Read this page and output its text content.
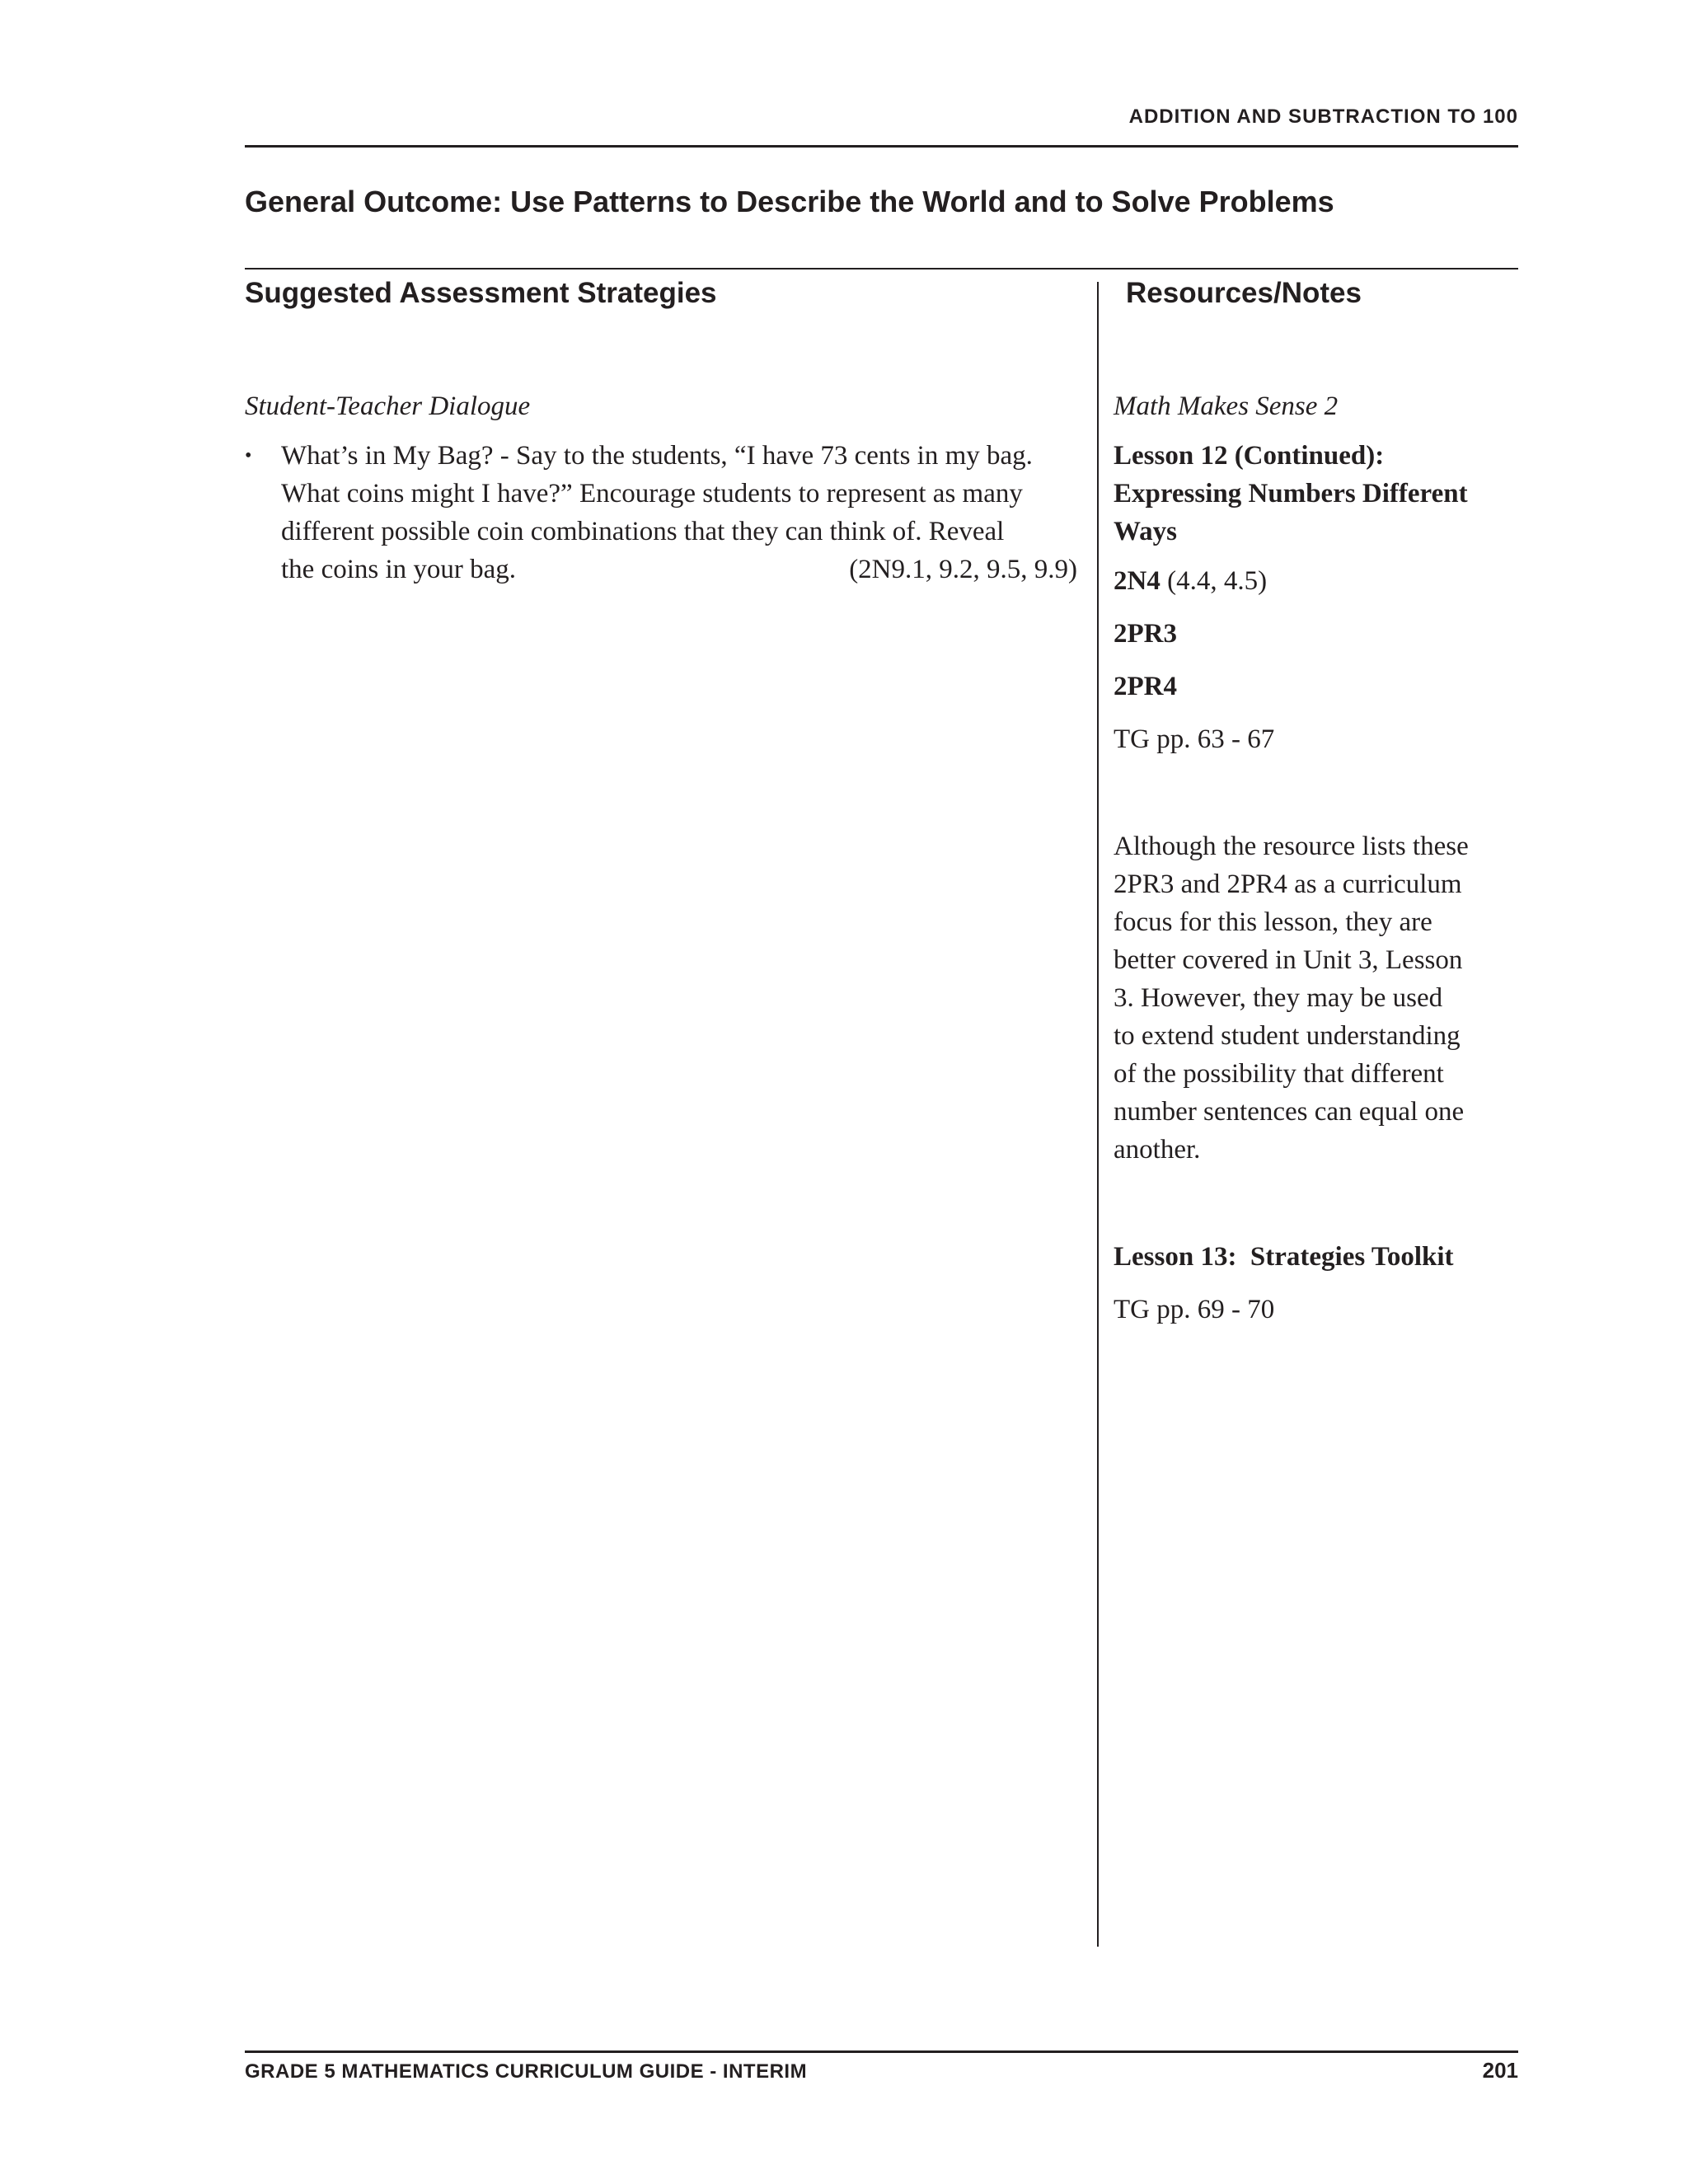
ADDITION AND SUBTRACTION TO 100
General Outcome: Use Patterns to Describe the World and to Solve Problems
Suggested Assessment Strategies	Resources/Notes

Student-Teacher Dialogue

• What’s in My Bag? - Say to the students, “I have 73 cents in my bag.

What coins might I have?” Encourage students to represent as many

different possible coin combinations that they can think of. Reveal

the coins in your bag.	(2N9.1, 9.2, 9.5, 9.9)

Math Makes Sense 2

Lesson 12 (Continued):

Expressing Numbers Different

Ways

2N4 (4.4, 4.5)

2PR3

2PR4

TG pp. 63 - 67

Although the resource lists these

2PR3 and 2PR4 as a curriculum

focus for this lesson, they are

better covered in Unit 3, Lesson

3. However, they may be used

to extend student understanding

of the possibility that different

number sentences can equal one

another.

Lesson 13:  Strategies Toolkit

TG pp. 69 - 70

GRADE 5 MATHEMATICS CURRICULUM GUIDE - INTERIM	201
